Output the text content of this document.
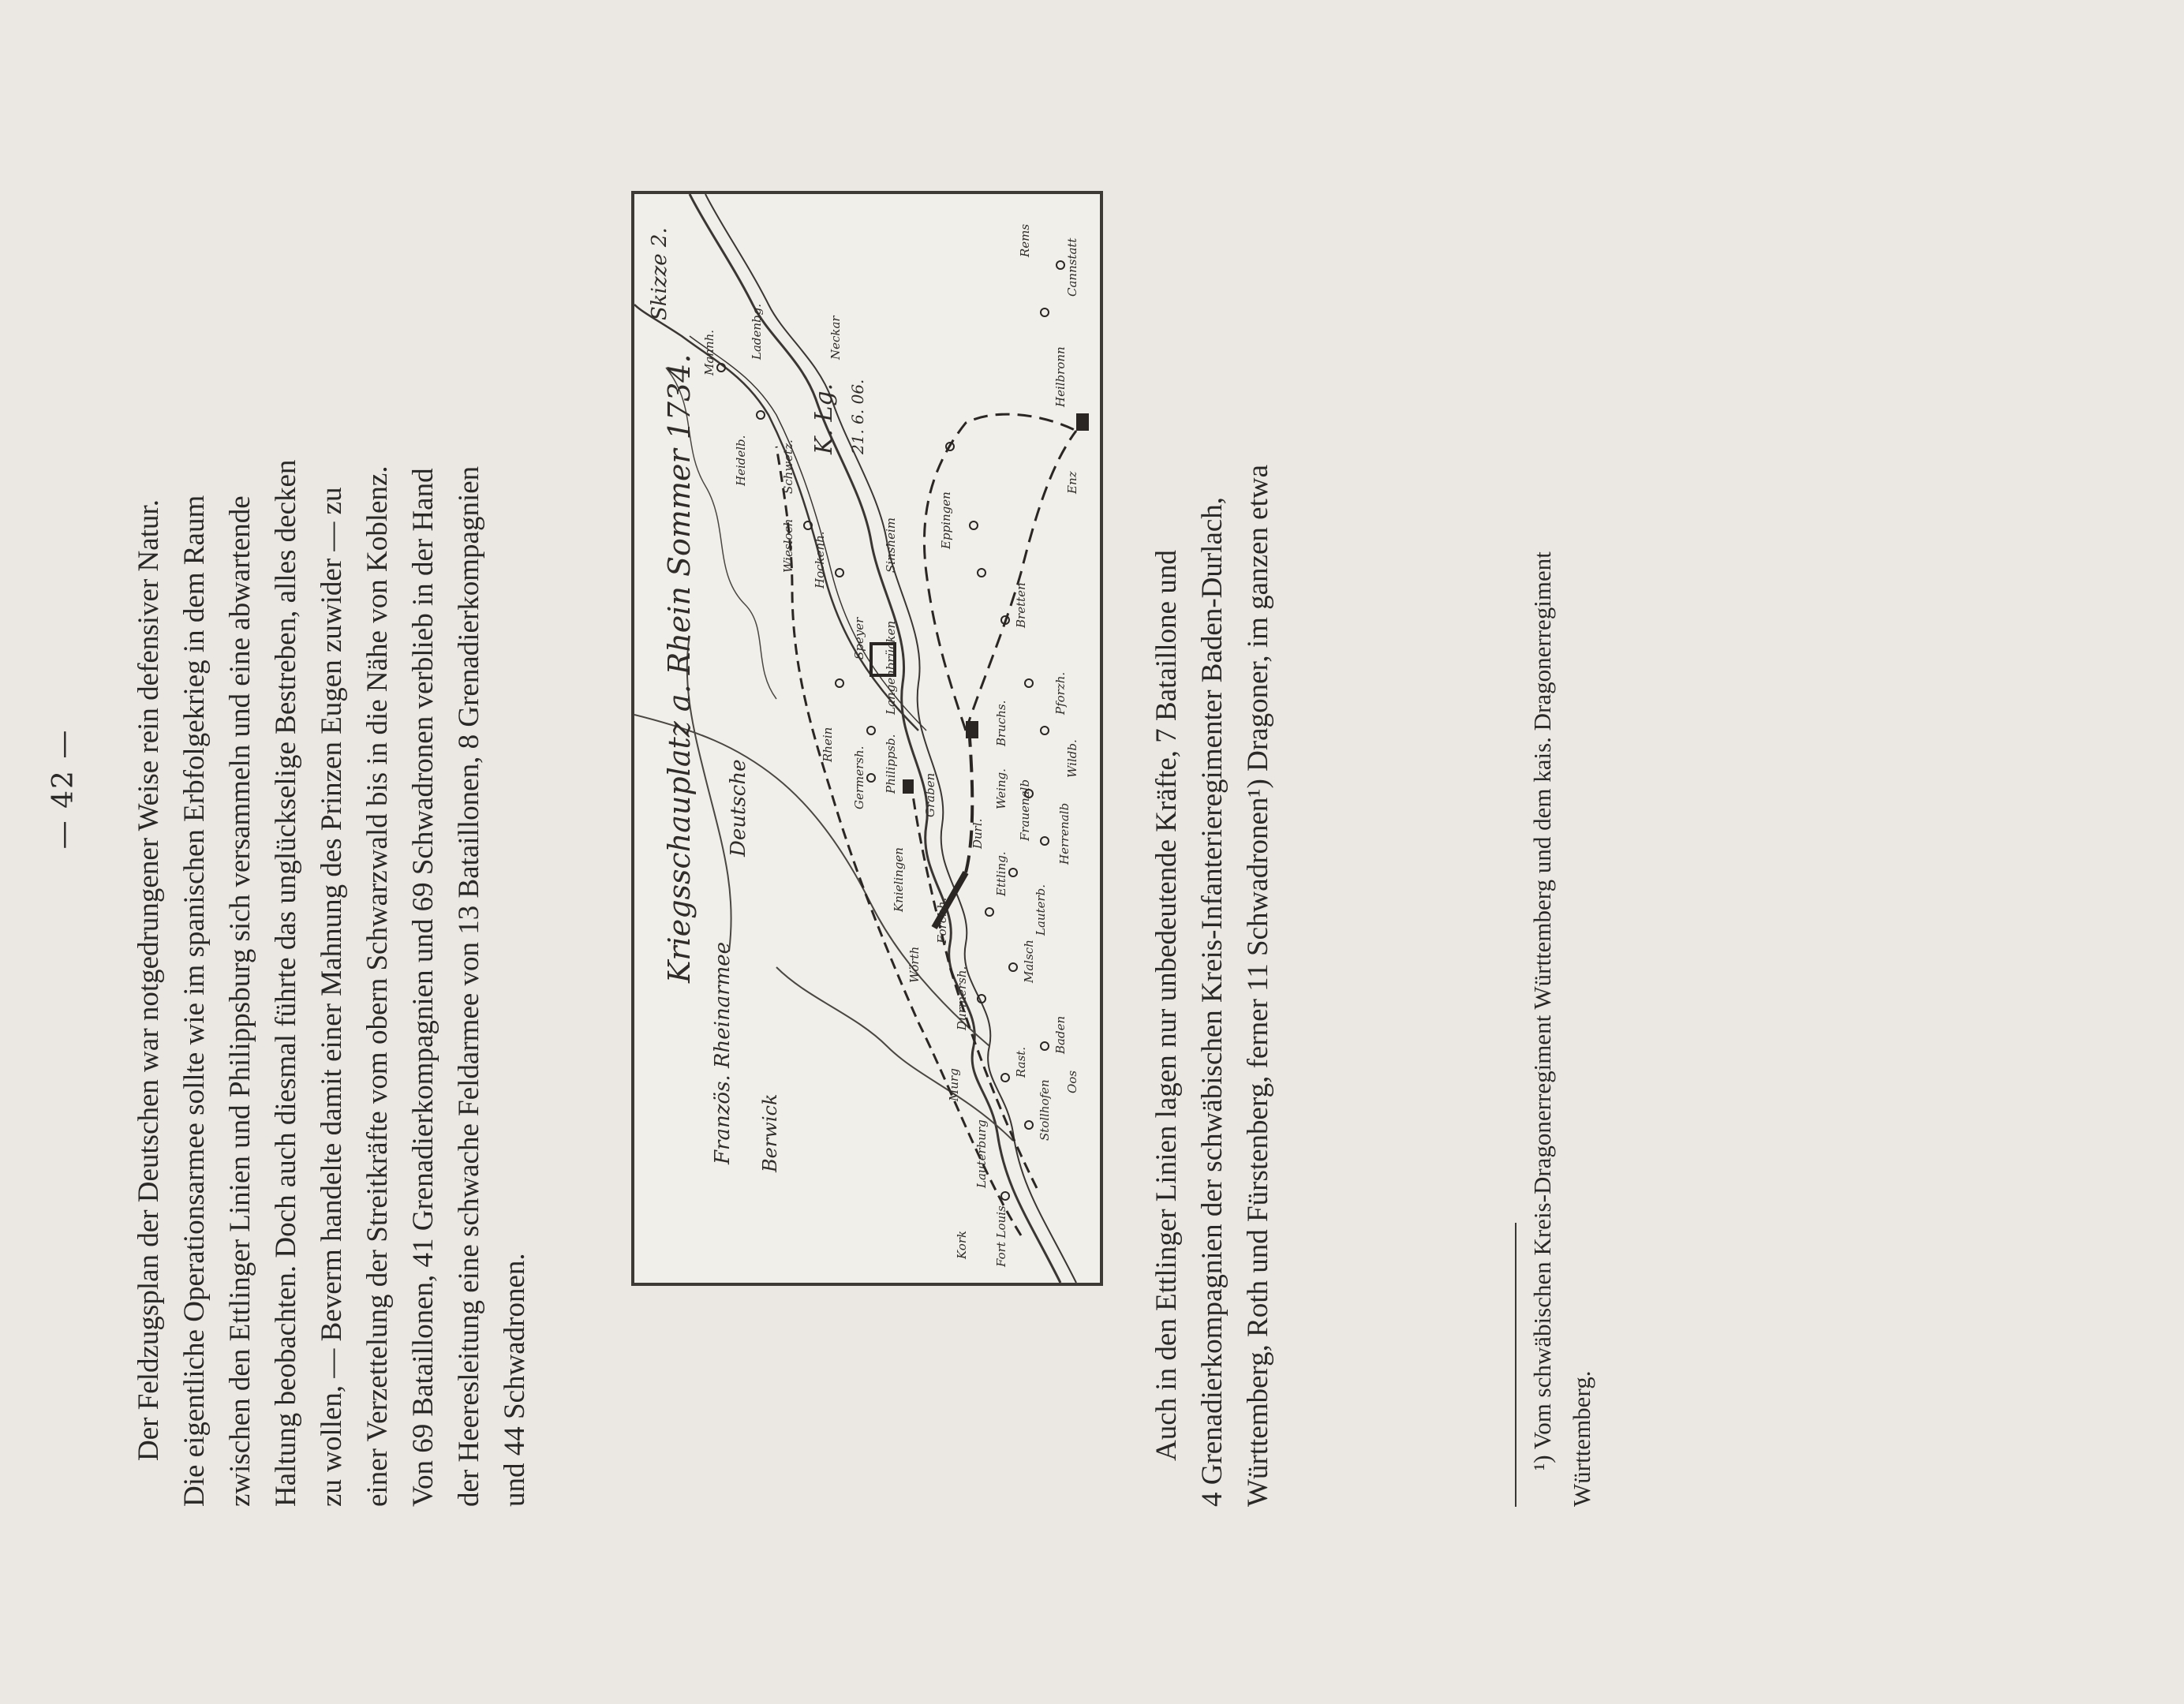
— 42 — Der Feldzugsplan der Deutschen war notgedrungener Weise rein defensiver Natur. Die eigentliche Operationsarmee sollte wie im spanischen Erbfolgekrieg in dem Raum zwischen den Ettlinger Linien und Philippsburg sich versammeln und eine abwartende Haltung beobachten. Doch auch diesmal führte das unglückselige Bestreben, alles decken zu wollen, — Beverm handelte damit einer Mahnung des Prinzen Eugen zuwider — zu einer Verzettelung der Streitkräfte vom obern Schwarzwald bis in die Nähe von Koblenz. Von 69 Bataillonen, 41 Grenadierkompagnien und 69 Schwadronen verblieb in der Hand der Heeresleitung eine schwache Feldarmee von 13 Bataillonen, 8 Grenadierkompagnien und 44 Schwadronen.

Kriegsschauplatz a. Rhein Sommer 1734.
Skizze 2.
Französ. Rheinarmee
Deutsche
Berwick
K. Lg. 21. 6. 06.
Fort Louis
Lauterburg
Stollhofen
Rast.
Baden
Oos
Durmersh.
Malsch
Forchh.
Ettling.
Herrenalb
Frauenalb
Wildb.
Pforzh.
Durl.
Weing.
Bretten
Bruchs.
Graben
Philippsb.
Germersh.
Speyer
Mannh.	Ladenbg.
Heidelb.
Wiesloch
Schwetz.
Hockenh.	Sinsheim	Eppingen
Heilbronn
Langenbrücken
Lauterb.
Kork
Neckar
Enz
Murg
Rhein
Cannstatt
Rems
Wörth
Knielingen	Auch in den Ettlinger Linien lagen nur unbedeutende Kräfte, 7 Bataillone und 4 Grenadierkompagnien der schwäbischen Kreis-Infanterieregimenter Baden-Durlach, Württemberg, Roth und Fürstenberg, ferner 11 Schwadronen¹) Dragoner, im ganzen etwa	¹) Vom schwäbischen Kreis-Dragonerregiment Württemberg und dem kais. Dragonerregiment Württemberg.
